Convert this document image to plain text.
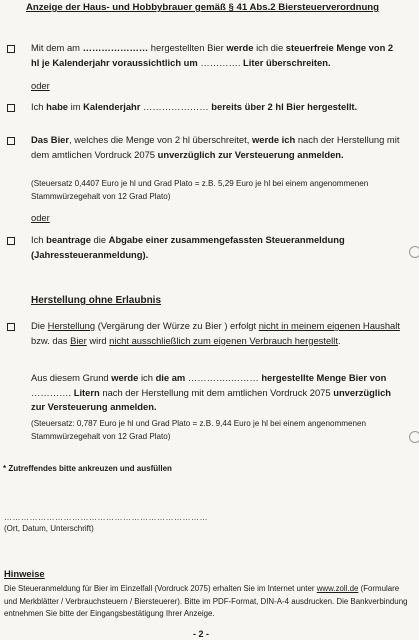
Anzeige der Haus- und Hobbybrauer gemäß § 41 Abs.2 Biersteuerverordnung
Mit dem am ………………… hergestellten Bier werde ich die steuerfreie Menge von 2 hl je Kalenderjahr voraussichtlich um …………. Liter überschreiten.
oder
Ich habe im Kalenderjahr ………………… bereits über 2 hl Bier hergestellt.
Das Bier, welches die Menge von 2 hl überschreitet, werde ich nach der Herstellung mit dem amtlichen Vordruck 2075 unverzüglich zur Versteuerung anmelden.
(Steuersatz 0,4407 Euro je hl und Grad Plato = z.B. 5,29 Euro je hl bei einem angenommenen Stammwürzegehalt von 12 Grad Plato)
oder
Ich beantrage die Abgabe einer zusammengefassten Steueranmeldung (Jahressteueranmeldung).
Herstellung ohne Erlaubnis
Die Herstellung (Vergärung der Würze zu Bier ) erfolgt nicht in meinem eigenen Haushalt bzw. das Bier wird nicht ausschließlich zum eigenen Verbrauch hergestellt.
Aus diesem Grund werde ich die am …………..……… hergestellte Menge Bier von …………. Litern nach der Herstellung mit dem amtlichen Vordruck 2075 unverzüglich zur Versteuerung anmelden.
(Steuersatz: 0,787 Euro je hl und Grad Plato = z.B. 9,44 Euro je hl bei einem angenommenen Stammwürzegehalt von 12 Grad Plato)
* Zutreffendes bitte ankreuzen und ausfüllen
………………………………………………………………
(Ort, Datum, Unterschrift)
Hinweise
Die Steueranmeldung für Bier im Einzelfall (Vordruck 2075) erhalten Sie im Internet unter www.zoll.de (Formulare und Merkblätter / Verbrauchsteuern / Biersteuerer). Bitte im PDF-Format, DIN-A-4 ausdrucken. Die Bankverbindung entnehmen Sie bitte der Eingangsbestätigung Ihrer Anzeige.
- 2 -
